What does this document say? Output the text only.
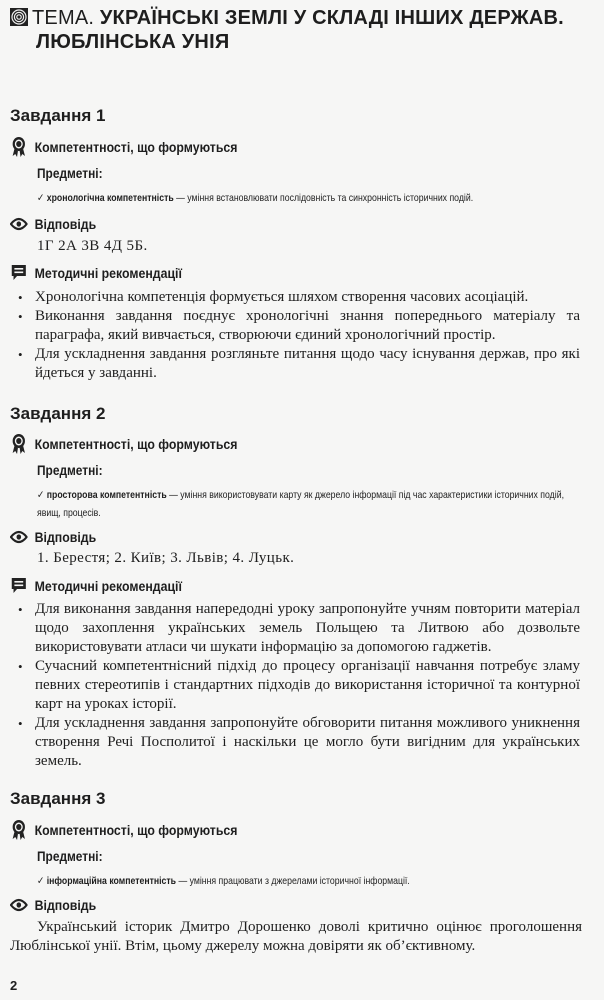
ТЕМА. УКРАЇНСЬКІ ЗЕМЛІ У СКЛАДІ ІНШИХ ДЕРЖАВ.
ЛЮБЛІНСЬКА УНІЯ
Завдання 1
Компетентності, що формуються
Предметні:
✓ хронологічна компетентність — уміння встановлювати послідовність та синхронність історичних подій.
Відповідь
1Г 2А 3В 4Д 5Б.
Методичні рекомендації
• Хронологічна компетенція формується шляхом створення часових асоціацій.
• Виконання завдання поєднує хронологічні знання попереднього матеріалу та параграфа, який вивчається, створюючи єдиний хронологічний простір.
• Для ускладнення завдання розгляньте питання щодо часу існування держав, про які йдеться у завданні.
Завдання 2
Компетентності, що формуються
Предметні:
✓ просторова компетентність — уміння використовувати карту як джерело інформації під час характеристики історичних подій, явищ, процесів.
Відповідь
1. Берестя; 2. Київ; 3. Львів; 4. Луцьк.
Методичні рекомендації
• Для виконання завдання напередодні уроку запропонуйте учням повторити матеріал щодо захоплення українських земель Польщею та Литвою або дозвольте використовувати атласи чи шукати інформацію за допомогою гаджетів.
• Сучасний компетентнісний підхід до процесу організації навчання потребує зламу певних стереотипів і стандартних підходів до використання історичної та контурної карт на уроках історії.
• Для ускладнення завдання запропонуйте обговорити питання можливого уникнення створення Речі Посполитої і наскільки це могло бути вигідним для українських земель.
Завдання 3
Компетентності, що формуються
Предметні:
✓ інформаційна компетентність — уміння працювати з джерелами історичної інформації.
Відповідь
Український історик Дмитро Дорошенко доволі критично оцінює проголошення Люблінської унії. Втім, цьому джерелу можна довіряти як об’єктивному.
2
